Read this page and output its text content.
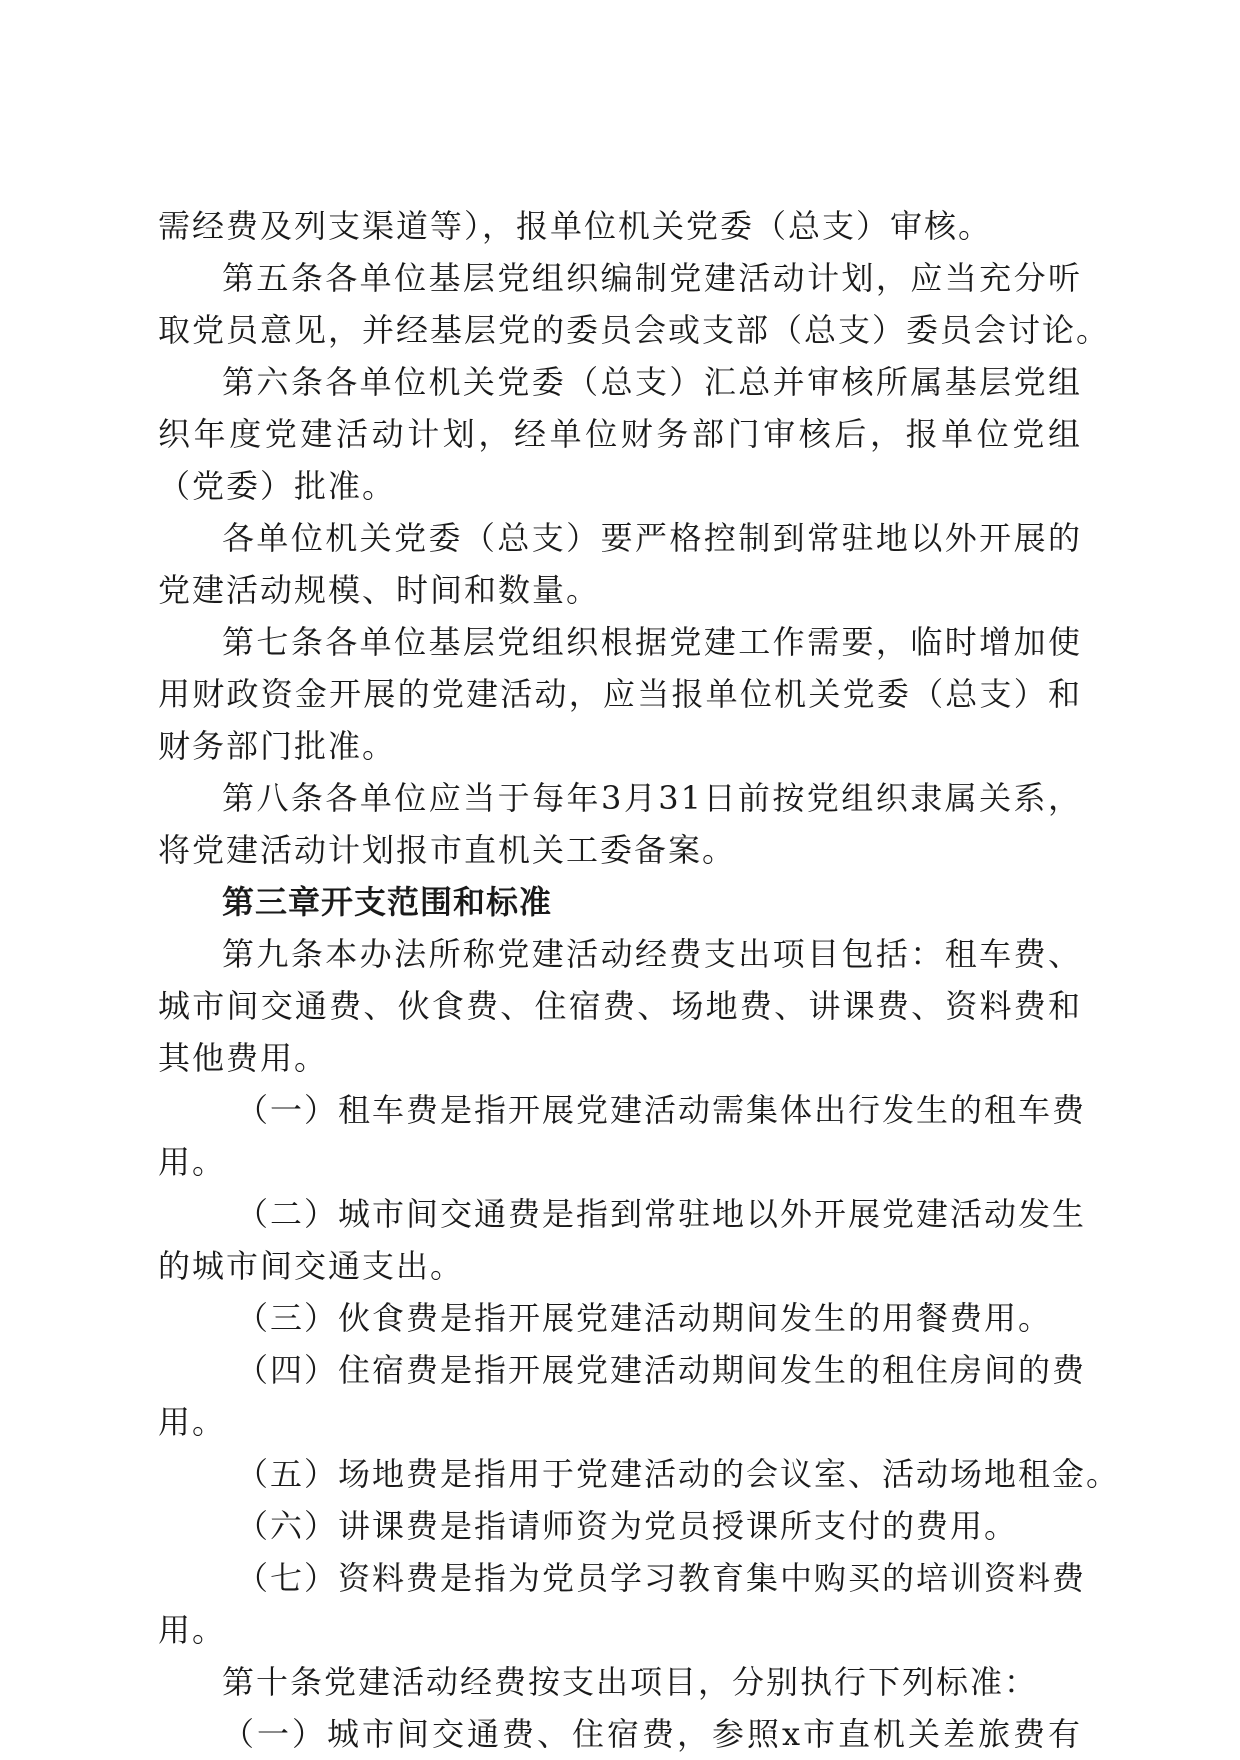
需经费及列支渠道等），报单位机关党委（总支）审核。
第五条各单位基层党组织编制党建活动计划，应当充分听
取党员意见，并经基层党的委员会或支部（总支）委员会讨论。
第六条各单位机关党委（总支）汇总并审核所属基层党组
织年度党建活动计划，经单位财务部门审核后，报单位党组
（党委）批准。
各单位机关党委（总支）要严格控制到常驻地以外开展的
党建活动规模、时间和数量。
第七条各单位基层党组织根据党建工作需要，临时增加使
用财政资金开展的党建活动，应当报单位机关党委（总支）和
财务部门批准。
第八条各单位应当于每年3月31日前按党组织隶属关系，
将党建活动计划报市直机关工委备案。
第三章开支范围和标准
第九条本办法所称党建活动经费支出项目包括：租车费、
城市间交通费、伙食费、住宿费、场地费、讲课费、资料费和
其他费用。
（一）租车费是指开展党建活动需集体出行发生的租车费
用。
（二）城市间交通费是指到常驻地以外开展党建活动发生
的城市间交通支出。
（三）伙食费是指开展党建活动期间发生的用餐费用。
（四）住宿费是指开展党建活动期间发生的租住房间的费
用。
（五）场地费是指用于党建活动的会议室、活动场地租金。
（六）讲课费是指请师资为党员授课所支付的费用。
（七）资料费是指为党员学习教育集中购买的培训资料费
用。
第十条党建活动经费按支出项目，分别执行下列标准：
（一）城市间交通费、住宿费，参照x市直机关差旅费有
